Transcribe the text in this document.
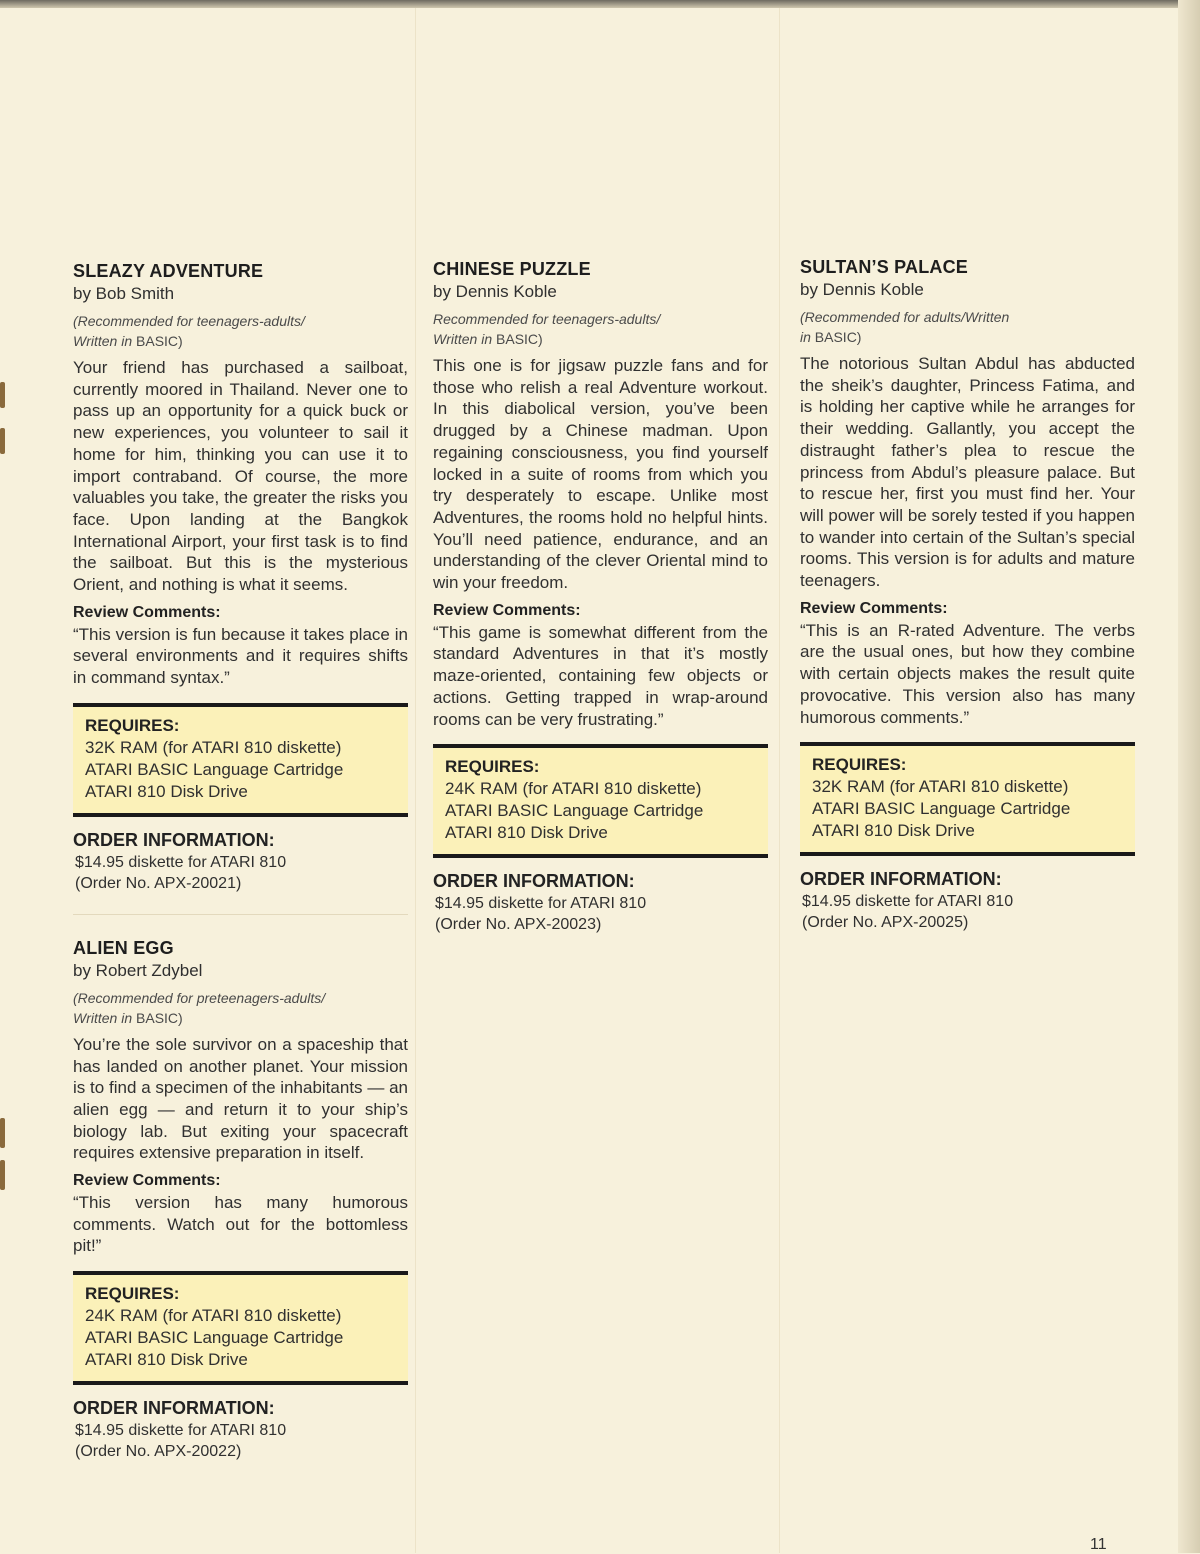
SLEAZY ADVENTURE
by Bob Smith
(Recommended for teenagers-adults/
Written in BASIC)
Your friend has purchased a sailboat, currently moored in Thailand. Never one to pass up an opportunity for a quick buck or new experiences, you volunteer to sail it home for him, thinking you can use it to import contraband. Of course, the more valuables you take, the greater the risks you face. Upon landing at the Bangkok International Airport, your first task is to find the sailboat. But this is the mysterious Orient, and nothing is what it seems.
Review Comments:
“This version is fun because it takes place in several environments and it requires shifts in command syntax.”
REQUIRES:
32K RAM (for ATARI 810 diskette)
ATARI BASIC Language Cartridge
ATARI 810 Disk Drive
ORDER INFORMATION:
$14.95 diskette for ATARI 810
(Order No. APX-20021)
ALIEN EGG
by Robert Zdybel
(Recommended for preteenagers-adults/
Written in BASIC)
You’re the sole survivor on a spaceship that has landed on another planet. Your mission is to find a specimen of the inhabitants — an alien egg — and return it to your ship’s biology lab. But exiting your spacecraft requires extensive preparation in itself.
Review Comments:
“This version has many humorous comments. Watch out for the bottomless pit!”
REQUIRES:
24K RAM (for ATARI 810 diskette)
ATARI BASIC Language Cartridge
ATARI 810 Disk Drive
ORDER INFORMATION:
$14.95 diskette for ATARI 810
(Order No. APX-20022)
CHINESE PUZZLE
by Dennis Koble
Recommended for teenagers-adults/
Written in BASIC)
This one is for jigsaw puzzle fans and for those who relish a real Adventure workout. In this diabolical version, you’ve been drugged by a Chinese madman. Upon regaining consciousness, you find yourself locked in a suite of rooms from which you try desperately to escape. Unlike most Adventures, the rooms hold no helpful hints. You’ll need patience, endurance, and an understanding of the clever Oriental mind to win your freedom.
Review Comments:
“This game is somewhat different from the standard Adventures in that it’s mostly maze-oriented, containing few objects or actions. Getting trapped in wrap-around rooms can be very frustrating.”
REQUIRES:
24K RAM (for ATARI 810 diskette)
ATARI BASIC Language Cartridge
ATARI 810 Disk Drive
ORDER INFORMATION:
$14.95 diskette for ATARI 810
(Order No. APX-20023)
SULTAN’S PALACE
by Dennis Koble
(Recommended for adults/Written
in BASIC)
The notorious Sultan Abdul has abducted the sheik’s daughter, Princess Fatima, and is holding her captive while he arranges for their wedding. Gallantly, you accept the distraught father’s plea to rescue the princess from Abdul’s pleasure palace. But to rescue her, first you must find her. Your will power will be sorely tested if you happen to wander into certain of the Sultan’s special rooms. This version is for adults and mature teenagers.
Review Comments:
“This is an R-rated Adventure. The verbs are the usual ones, but how they combine with certain objects makes the result quite provocative. This version also has many humorous comments.”
REQUIRES:
32K RAM (for ATARI 810 diskette)
ATARI BASIC Language Cartridge
ATARI 810 Disk Drive
ORDER INFORMATION:
$14.95 diskette for ATARI 810
(Order No. APX-20025)
11
